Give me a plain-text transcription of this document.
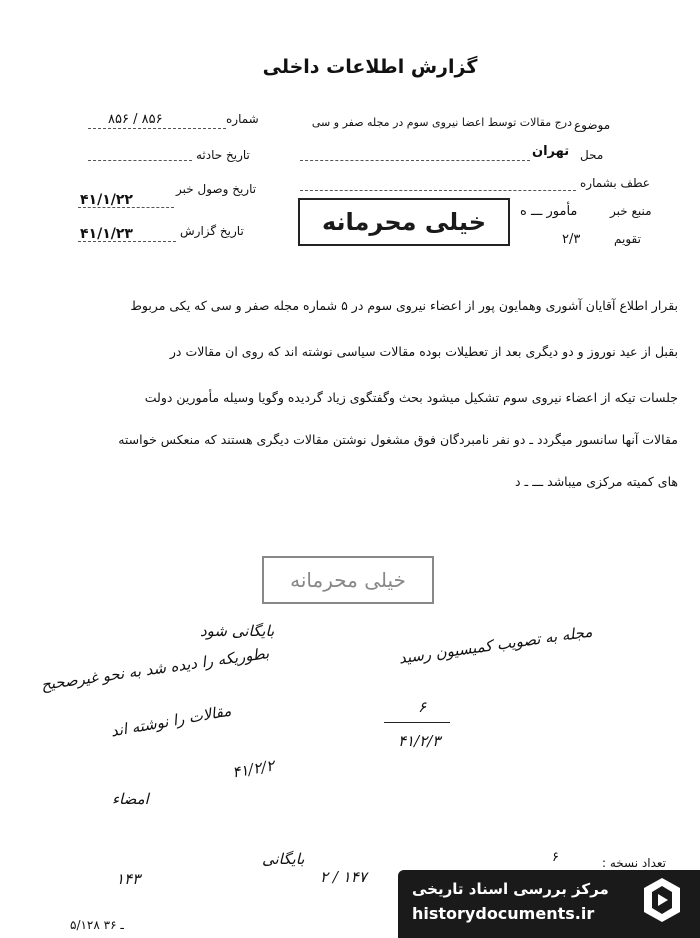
گزارش اطلاعات داخلی
شماره
۸۵۶ / ۸۵۶
تاریخ حادثه
تاریخ وصول خبر
۴۱/۱/۲۲
تاریخ گزارش
۴۱/۱/۲۳
موضوع
درج مقالات توسط اعضا نیروی سوم در مجله صفر و سی
محل
تهران
عطف بشماره
منبع خبر
مأمور ـــ ه
تقویم
۲/۳
خیلی محرمانه
بقرار اطلاع آقایان آشوری وهمایون پور از اعضاء نیروی سوم در ۵ شماره مجله صفر و سی که یکی مربوط
بقبل از عید نوروز و دو دیگری بعد از تعطیلات بوده مقالات سیاسی نوشته اند که روی ان مقالات در
جلسات تیکه از اعضاء نیروی سوم تشکیل میشود بحث وگفتگوی زیاد گردیده وگویا وسیله مأمورین دولت
مقالات آنها سانسور میگردد ـ دو نفر نامبردگان فوق مشغول نوشتن مقالات دیگری هستند که منعکس خواسته
های کمیته مرکزی میباشد ـــ ـ د
خیلی محرمانه
بایگانی شود
بطوریکه را دیده شد به نحو غیرصحیح
مقالات را نوشته اند
۴۱/۲/۲
امضاء
مجله به تصویب کمیسیون رسید
۶
۴۱/۲/۳
۱۴۳	۲ / ۱۴۷
بایگانی	تعداد نسخه :
۶
۵/۱۲۸ ـ ۳۶
مرکز بررسی اسناد تاریخی
historydocuments.ir
